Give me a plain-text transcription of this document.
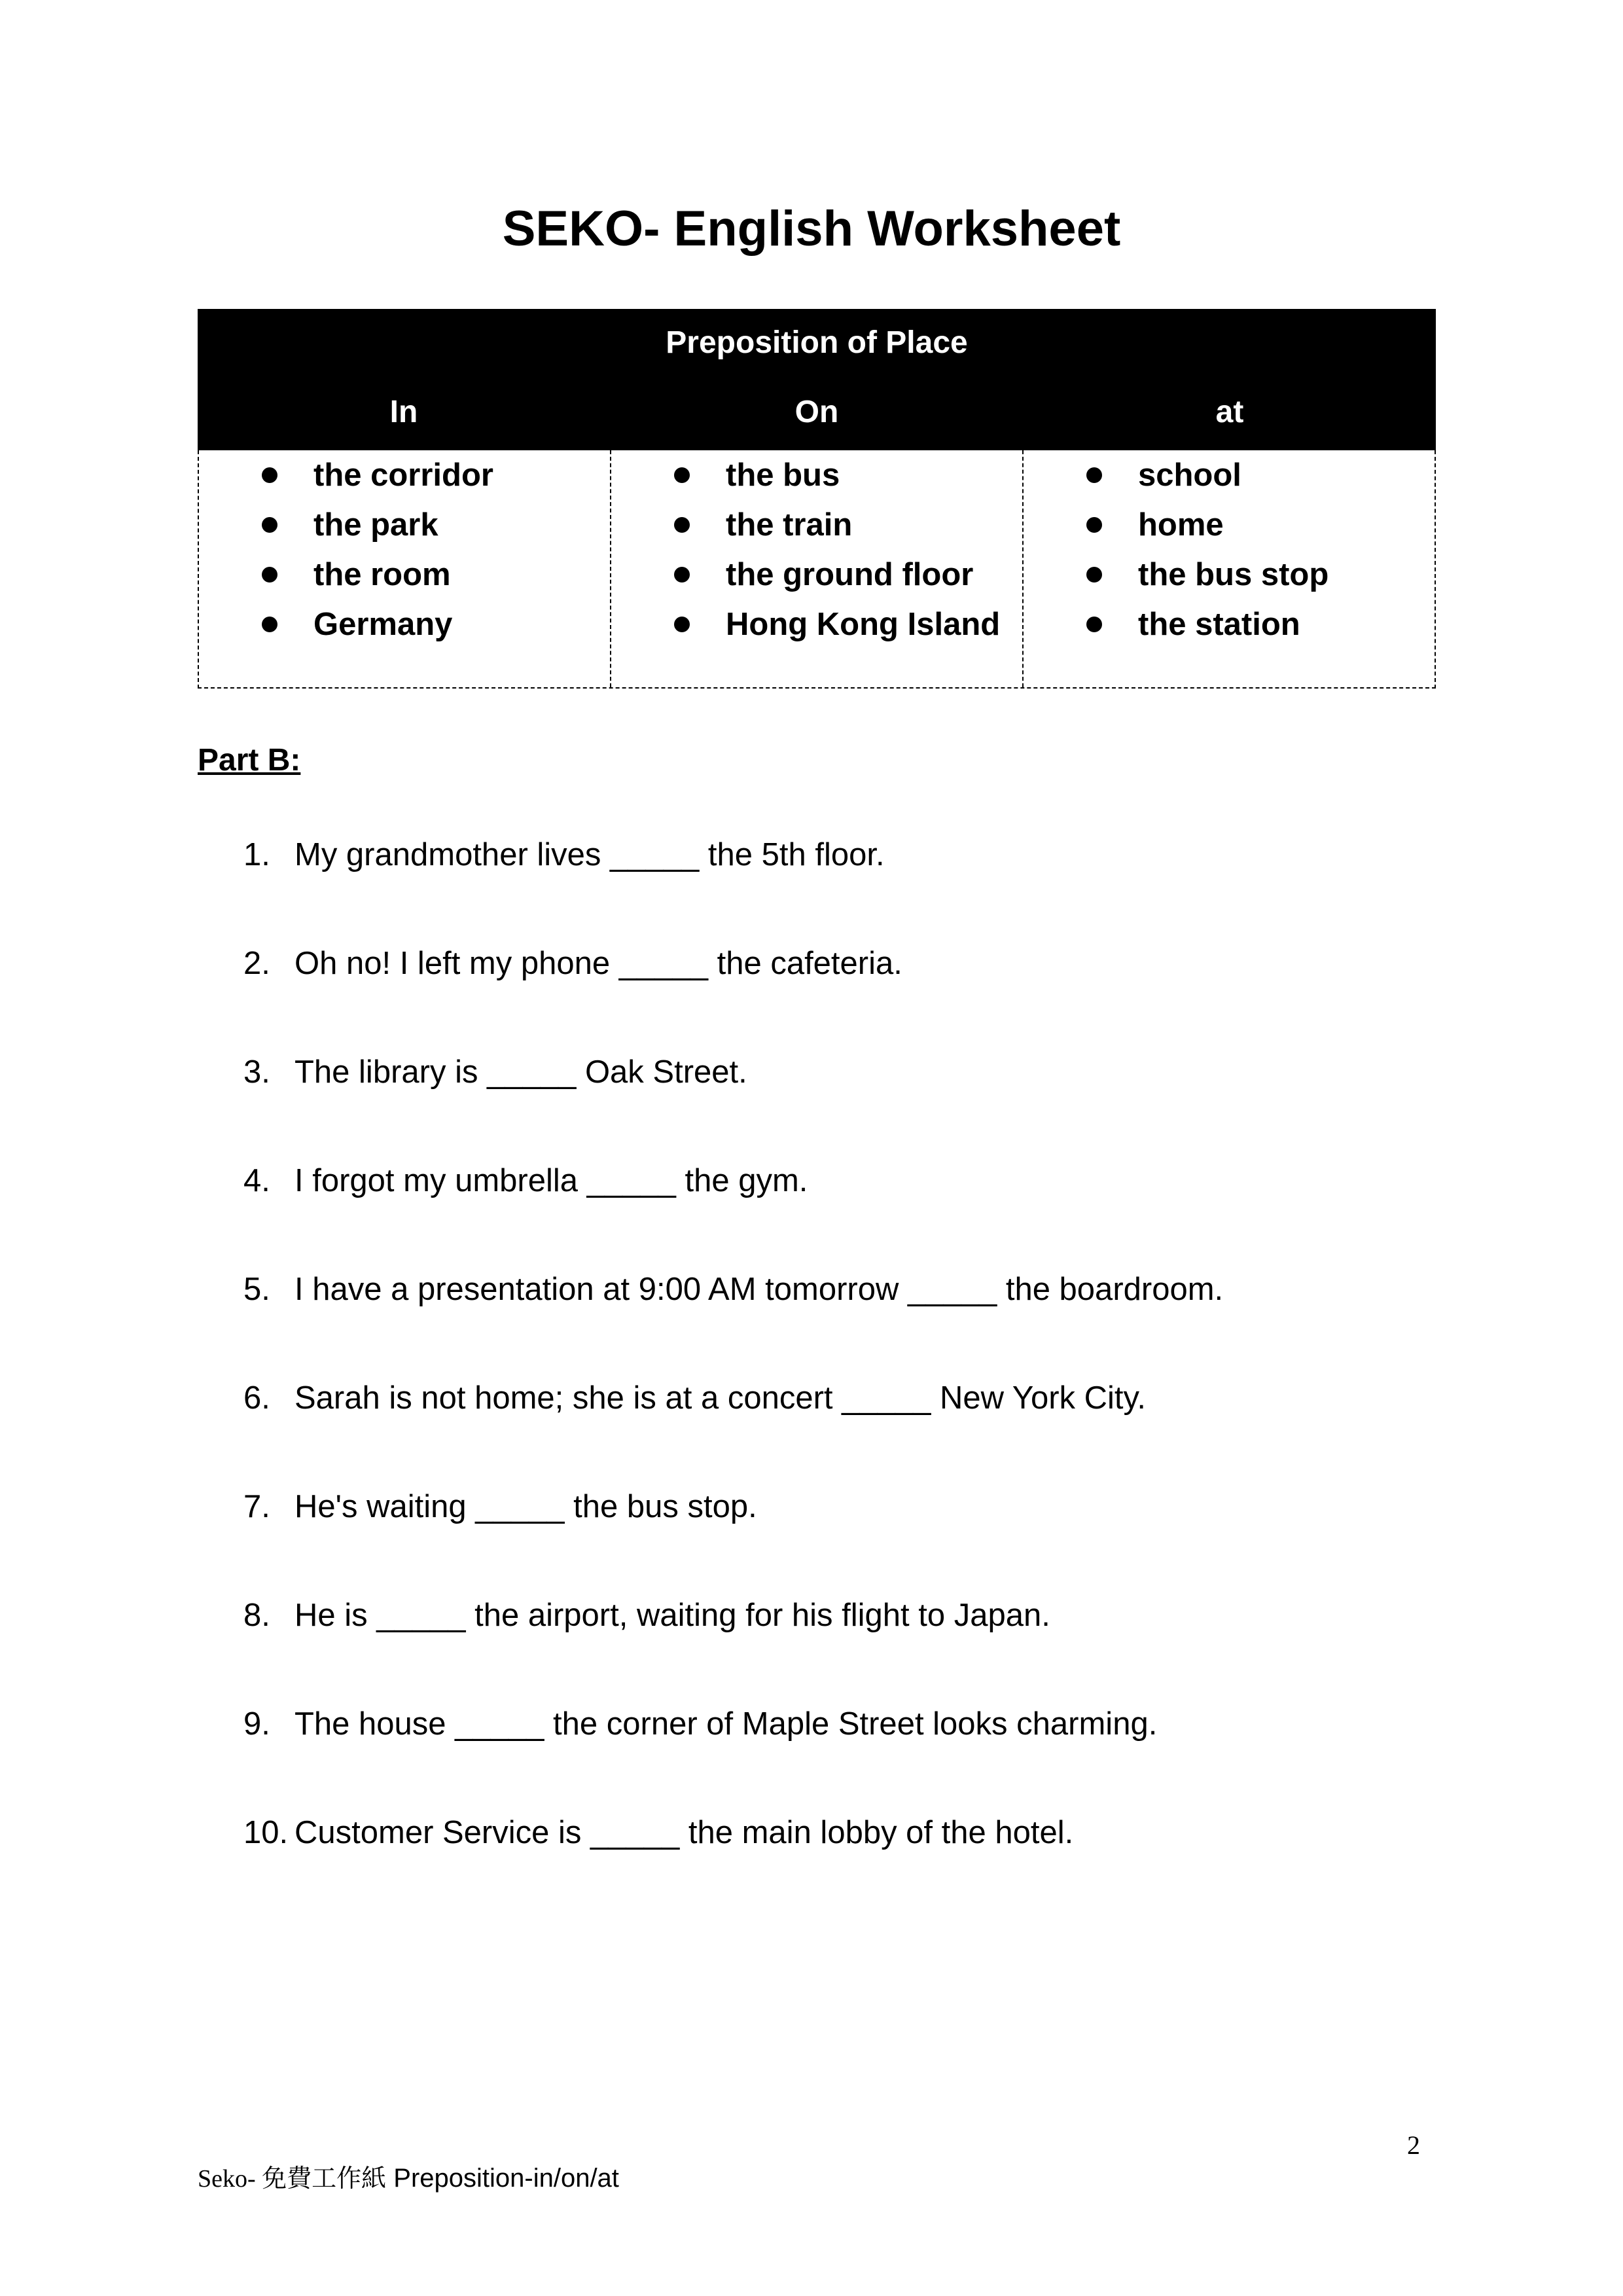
SEKO- English Worksheet
Preposition of Place
In	On	at
the corridor
the park
the room
Germany
the bus
the train
the ground floor
Hong Kong Island
school
home
the bus stop
the station
Part B:
1. My grandmother lives _____ the 5th floor.
2. Oh no! I left my phone _____ the cafeteria.
3. The library is _____ Oak Street.
4. I forgot my umbrella _____ the gym.
5. I have a presentation at 9:00 AM tomorrow _____ the boardroom.
6. Sarah is not home; she is at a concert _____ New York City.
7. He's waiting _____ the bus stop.
8. He is _____ the airport, waiting for his flight to Japan.
9. The house _____ the corner of Maple Street looks charming.
10. Customer Service is _____ the main lobby of the hotel.
2
Seko- 免費工作紙 Preposition-in/on/at
